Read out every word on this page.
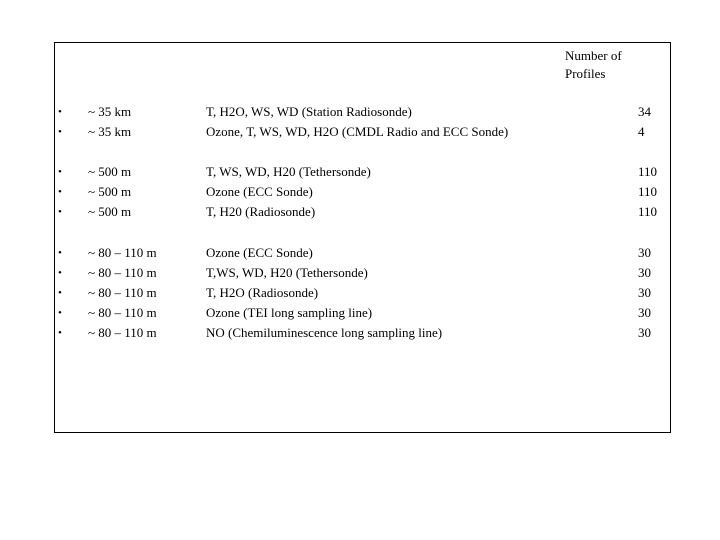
Number of
Profiles
• ~ 35 km	T, H2O, WS, WD (Station Radiosonde)	34
• ~ 35 km	Ozone, T, WS, WD, H2O (CMDL Radio and ECC Sonde)	4
• ~ 500 m	T, WS, WD, H20 (Tethersonde)	110
• ~ 500 m	Ozone (ECC Sonde)	110
• ~ 500 m	T, H20 (Radiosonde)	110
• ~ 80 – 110 m	Ozone (ECC Sonde)	30
• ~ 80 – 110 m	T,WS, WD, H20 (Tethersonde)	30
• ~ 80 – 110 m	T, H2O (Radiosonde)	30
• ~ 80 – 110 m	Ozone (TEI long sampling line)	30
• ~ 80 – 110 m	NO (Chemiluminescence long sampling line)	30
